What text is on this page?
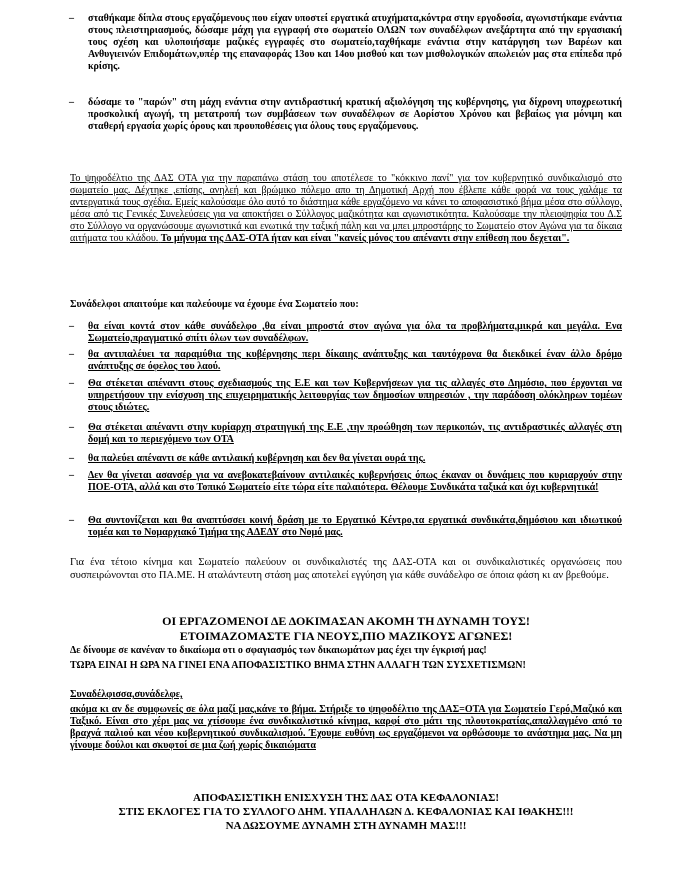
– σταθήκαμε δίπλα στους εργαζόμενους που είχαν υποστεί εργατικά ατυχήματα,κόντρα στην εργοδοσία, αγωνιστήκαμε ενάντια στους πλειστηριασμούς, δώσαμε μάχη για εγγραφή στο σωματείο ΟΛΩΝ των συναδέλφων ανεξάρτητα από την εργασιακή τους σχέση και υλοποιήσαμε μαζικές εγγραφές στο σωματείο,ταχθήκαμε ενάντια στην κατάργηση των Βαρέων και Ανθυγιεινών Επιδομάτων,υπέρ της επαναφοράς 13ου και 14ου μισθού και των μισθολογικών απωλειών μας στα επίπεδα πρό κρίσης.
– δώσαμε το "παρών" στη μάχη ενάντια στην αντιδραστική κρατική αξιολόγηση της κυβέρνησης, για δίχρονη υποχρεωτική προσκολική αγωγή, τη μετατροπή των συμβάσεων των συναδέλφων σε Αορίστου Χρόνου και βεβαίως για μόνιμη και σταθερή εργασία χωρίς όρους και προυποθέσεις για όλους τους εργαζόμενους.
Το ψηφοδέλτιο της ΔΑΣ ΟΤΑ για την παραπάνω στάση του αποτέλεσε το "κόκκινο πανί" για τον κυβερνητικό συνδικαλισμό στο σωματείο μας. Δέχτηκε ,επίσης, ανηλεή και βρώμικο πόλεμο απο τη Δημοτική Αρχή που έβλεπε κάθε φορά να τους χαλάμε τα αντεργατικά τους σχέδια. Εμείς καλούσαμε όλο αυτό το διάστημα κάθε εργαζόμενο να κάνει το αποφασιστικό βήμα μέσα στο σύλλογο, μέσα από τις Γενικές Συνελεύσεις για να αποκτήσει ο Σύλλογος μαζικότητα και αγωνιστικότητα. Καλούσαμε την πλειοψηφία του Δ.Σ στο Σύλλογο να οργανώσουμε αγωνιστικά και ενωτικά την ταξική πάλη και να μπει μπροστάρης το Σωματείο στον Αγώνα για τα δίκαια αιτήματα του κλάδου. Το μήνυμα της ΔΑΣ-ΟΤΑ ήταν και είναι "κανείς μόνος του απέναντι στην επίθεση που δεχεται".
Συνάδελφοι απαιτούμε και παλεύουμε να έχουμε ένα Σωματείο που:
– θα είναι κοντά στον κάθε συνάδελφο ,θα είναι μπροστά στον αγώνα για όλα τα προβλήματα,μικρά και μεγάλα. Ενα Σωματείο,πραγματικό σπίτι όλων των συναδέλφων.
– θα αντιπαλέυει τα παραμύθια της κυβέρνησης περι δίκαιης ανάπτυξης και ταυτόχρονα θα διεκδικεί έναν άλλο δρόμο ανάπτυξης σε όφελος του λαού.
– Θα στέκεται απέναντι στους σχεδιασμούς της Ε.Ε και των Κυβερνήσεων για τις αλλαγές στο Δημόσιο, που έρχονται να υπηρετήσουν την ενίσχυση της επιχειρηματικής λειτουργίας των δημοσίων υπηρεσιών , την παράδοση ολόκληρων τομέων στους ιδιώτες.
– Θα στέκεται απέναντι στην κυρίαρχη στρατηγική της Ε.Ε ,την προώθηση των περικοπών, τις αντιδραστικές αλλαγές στη δομή και το περιεχόμενο των ΟΤΑ
– θα παλεύει απέναντι σε κάθε αντιλαική κυβέρνηση και δεν θα γίνεται ουρά της.
– Δεν θα γίνεται ασανσέρ για να ανεβοκατεβαίνουν αντιλαικές κυβερνήσεις όπως έκαναν οι δυνάμεις που κυριαρχούν στην ΠΟΕ-ΟΤΑ, αλλά και στο Τοπικό Σωματείο είτε τώρα είτε παλαιότερα. Θέλουμε Συνδικάτα ταξικά και όχι κυβερνητικά!
– Θα συντονίζεται και θα αναπτύσσει κοινή δράση με το Εργατικό Κέντρο,τα εργατικά συνδικάτα,δημόσιου και ιδιωτικού τομέα και το Νομαρχιακό Τμήμα της ΑΔΕΔΥ στο Νομό μας.
Για ένα τέτοιο κίνημα και Σωματείο παλεύουν οι συνδικαλιστές της ΔΑΣ-ΟΤΑ και οι συνδικαλιστικές οργανώσεις που συσπειρώνονται στο ΠΑ.ΜΕ. Η αταλάντευτη στάση μας αποτελεί εγγύηση για κάθε συνάδελφο σε όποια φάση κι αν βρεθούμε.
ΟΙ ΕΡΓΑΖΟΜΕΝΟΙ ΔΕ ΔΟΚΙΜΑΣΑΝ ΑΚΟΜΗ ΤΗ ΔΥΝΑΜΗ ΤΟΥΣ!
ΕΤΟΙΜΑΖΟΜΑΣΤΕ ΓΙΑ ΝΕΟΥΣ,ΠΙΟ ΜΑΖΙΚΟΥΣ ΑΓΩΝΕΣ!
Δε δίνουμε σε κανέναν το δικαίωμα οτι ο σφαγιασμός των δικαιωμάτων μας έχει την έγκρισή μας!
ΤΩΡΑ ΕΙΝΑΙ Η ΩΡΑ ΝΑ ΓΙΝΕΙ ΕΝΑ ΑΠΟΦΑΣΙΣΤΙΚΟ ΒΗΜΑ ΣΤΗΝ ΑΛΛΑΓΗ ΤΩΝ ΣΥΣΧΕΤΙΣΜΩΝ!
Συναδέλφισσα,συνάδελφε,
ακόμα κι αν δε συμφωνείς σε όλα μαζί μας,κάνε το βήμα. Στήριξε το ψηφοδέλτιο της ΔΑΣ=ΟΤΑ για Σωματείο Γερό,Μαζικό και Ταξικό. Είναι στο χέρι μας να χτίσουμε ένα συνδικαλιστικό κίνημα, καρφί στο μάτι της πλουτοκρατίας,απαλλαγμένο από το βραχνά παλιού και νέου κυβερνητικού συνδικαλισμού. Έχουμε ευθύνη ως εργαζόμενοι να ορθώσουμε το ανάστημα μας. Να μη γίνουμε δούλοι και σκυφτοί σε μια ζωή χωρίς δικαιώματα
ΑΠΟΦΑΣΙΣΤΙΚΗ ΕΝΙΣΧΥΣΗ ΤΗΣ ΔΑΣ ΟΤΑ ΚΕΦΑΛΟΝΙΑΣ!
ΣΤΙΣ ΕΚΛΟΓΕΣ ΓΙΑ ΤΟ ΣΥΛΛΟΓΟ ΔΗΜ. ΥΠΑΛΛΗΛΩΝ Δ. ΚΕΦΑΛΟΝΙΑΣ ΚΑΙ ΙΘΑΚΗΣ!!!
ΝΑ ΔΩΣΟΥΜΕ ΔΥΝΑΜΗ ΣΤΗ ΔΥΝΑΜΗ ΜΑΣ!!!
